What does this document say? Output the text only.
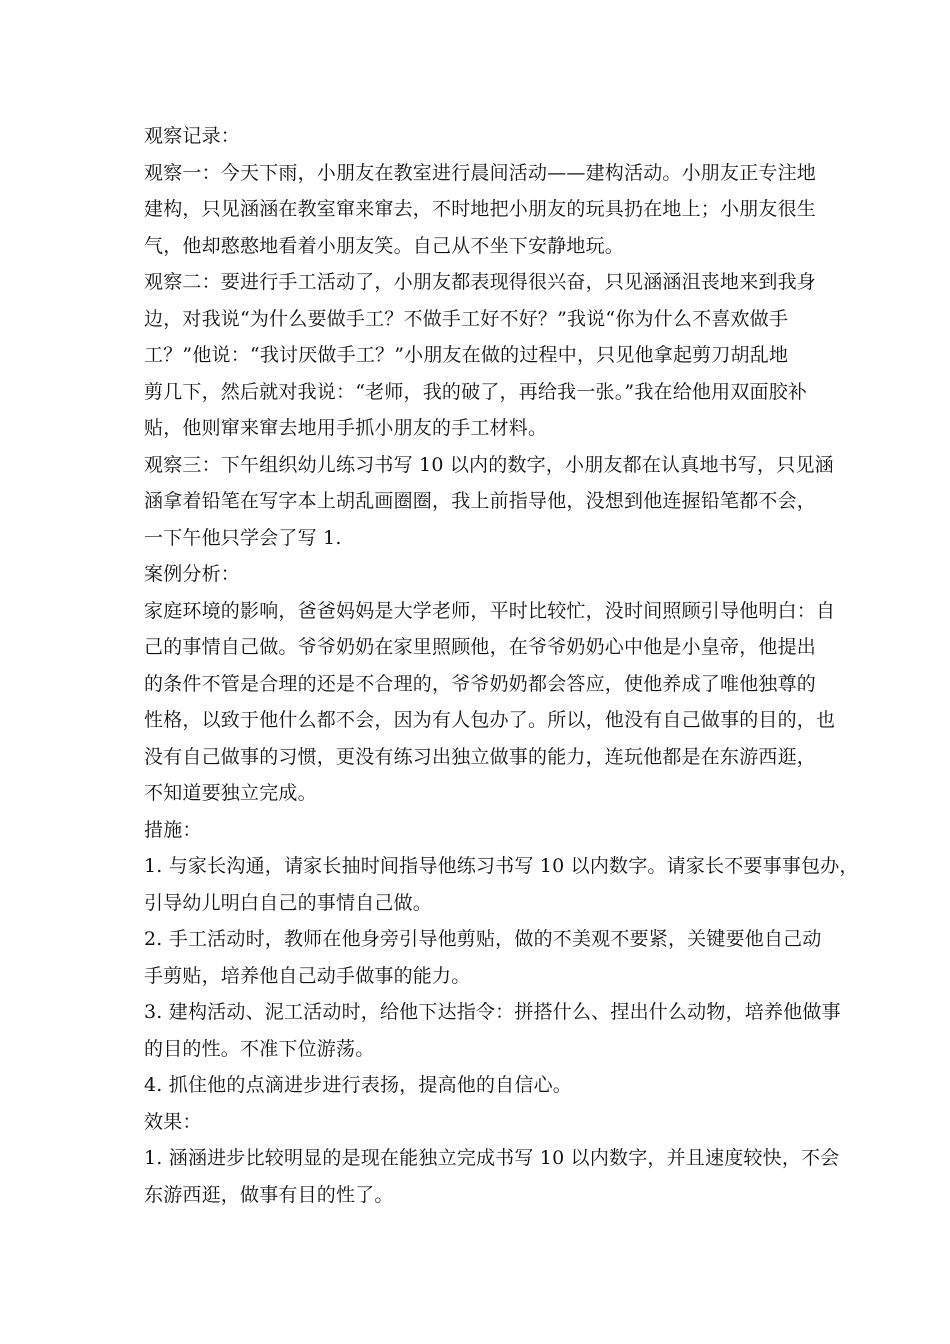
观察记录：
观察一：今天下雨，小朋友在教室进行晨间活动——建构活动。小朋友正专注地
建构，只见涵涵在教室窜来窜去，不时地把小朋友的玩具扔在地上；小朋友很生
气，他却憨憨地看着小朋友笑。自己从不坐下安静地玩。
观察二：要进行手工活动了，小朋友都表现得很兴奋，只见涵涵沮丧地来到我身
边，对我说“为什么要做手工？不做手工好不好？”我说“你为什么不喜欢做手
工？”他说：“我讨厌做手工？”小朋友在做的过程中，只见他拿起剪刀胡乱地
剪几下，然后就对我说：“老师，我的破了，再给我一张。”我在给他用双面胶补
贴，他则窜来窜去地用手抓小朋友的手工材料。
观察三：下午组织幼儿练习书写 10 以内的数字，小朋友都在认真地书写，只见涵
涵拿着铅笔在写字本上胡乱画圈圈，我上前指导他，没想到他连握铅笔都不会，
一下午他只学会了写 1.
案例分析：
家庭环境的影响，爸爸妈妈是大学老师，平时比较忙，没时间照顾引导他明白：自
己的事情自己做。爷爷奶奶在家里照顾他，在爷爷奶奶心中他是小皇帝，他提出
的条件不管是合理的还是不合理的，爷爷奶奶都会答应，使他养成了唯他独尊的
性格，以致于他什么都不会，因为有人包办了。所以，他没有自己做事的目的，也
没有自己做事的习惯，更没有练习出独立做事的能力，连玩他都是在东游西逛，
不知道要独立完成。
措施：
1. 与家长沟通，请家长抽时间指导他练习书写 10 以内数字。请家长不要事事包办，
引导幼儿明白自己的事情自己做。
2. 手工活动时，教师在他身旁引导他剪贴，做的不美观不要紧，关键要他自己动
手剪贴，培养他自己动手做事的能力。
3. 建构活动、泥工活动时，给他下达指令：拼搭什么、捏出什么动物，培养他做事
的目的性。不准下位游荡。
4. 抓住他的点滴进步进行表扬，提高他的自信心。
效果：
1. 涵涵进步比较明显的是现在能独立完成书写 10 以内数字，并且速度较快，不会
东游西逛，做事有目的性了。
